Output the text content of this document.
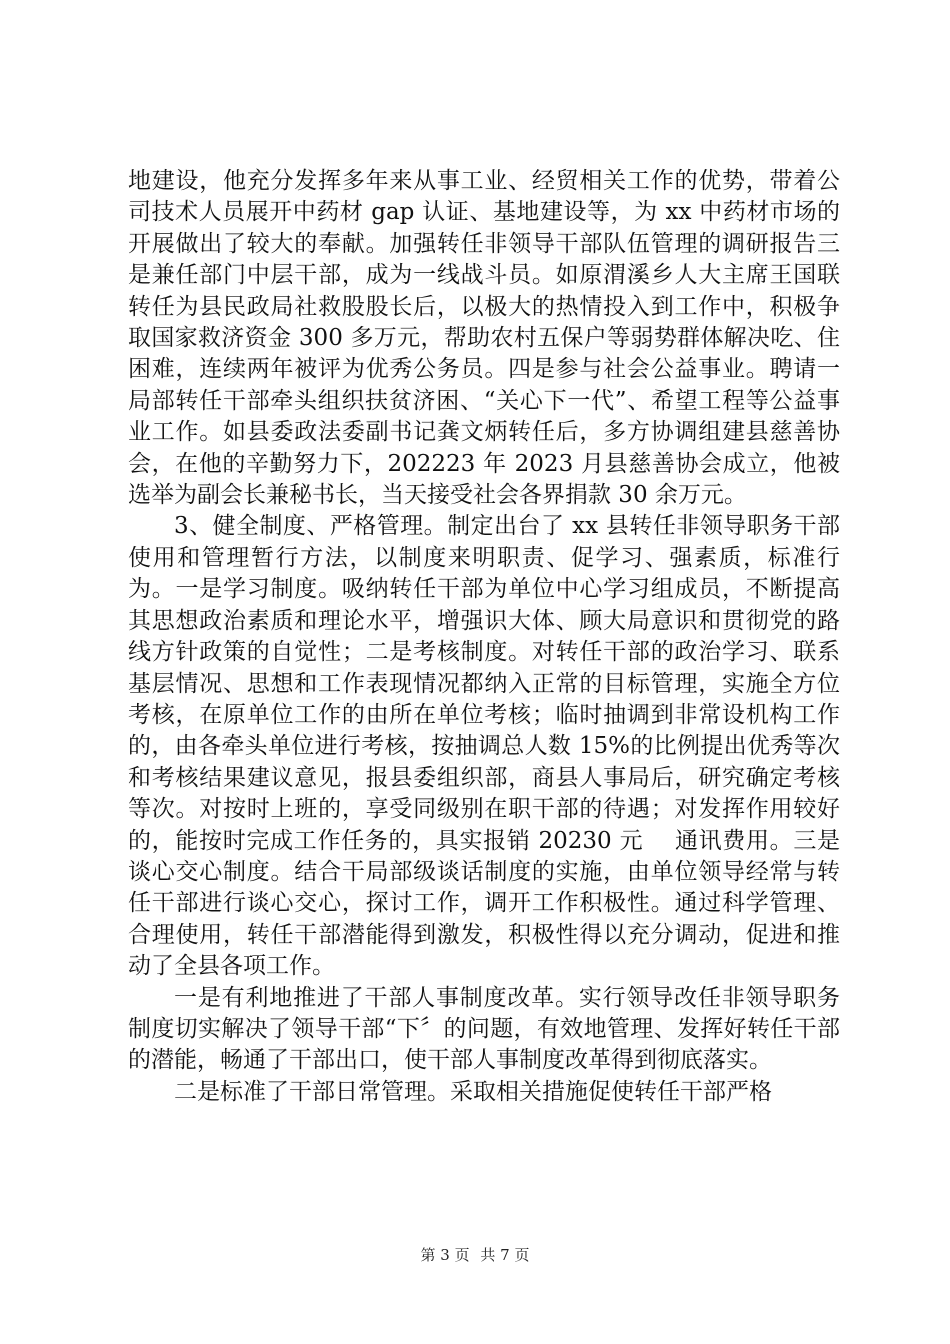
地建设，他充分发挥多年来从事工业、经贸相关工作的优势，带着公司技术人员展开中药材 gap 认证、基地建设等，为 xx 中药材市场的开展做出了较大的奉献。加强转任非领导干部队伍管理的调研报告三是兼任部门中层干部，成为一线战斗员。如原渭溪乡人大主席王国联转任为县民政局社救股股长后，以极大的热情投入到工作中，积极争取国家救济资金 300 多万元，帮助农村五保户等弱势群体解决吃、住困难，连续两年被评为优秀公务员。四是参与社会公益事业。聘请一局部转任干部牵头组织扶贫济困、“关心下一代”、希望工程等公益事业工作。如县委政法委副书记龚文炳转任后，多方协调组建县慈善协会，在他的辛勤努力下，202223 年 2023 月县慈善协会成立，他被选举为副会长兼秘书长，当天接受社会各界捐款 30 余万元。

3、健全制度、严格管理。制定出台了 xx 县转任非领导职务干部使用和管理暂行方法，以制度来明职责、促学习、强素质，标准行为。一是学习制度。吸纳转任干部为单位中心学习组成员，不断提高其思想政治素质和理论水平，增强识大体、顾大局意识和贯彻党的路线方针政策的自觉性；二是考核制度。对转任干部的政治学习、联系基层情况、思想和工作表现情况都纳入正常的目标管理，实施全方位考核，在原单位工作的由所在单位考核；临时抽调到非常设机构工作的，由各牵头单位进行考核，按抽调总人数 15%的比例提出优秀等次和考核结果建议意见，报县委组织部，商县人事局后，研究确定考核等次。对按时上班的，享受同级别在职干部的待遇；对发挥作用较好的，能按时完成工作任务的，具实报销 20230 元　 通讯费用。三是谈心交心制度。结合干局部级谈话制度的实施，由单位领导经常与转任干部进行谈心交心，探讨工作，调开工作积极性。通过科学管理、合理使用，转任干部潜能得到激发，积极性得以充分调动，促进和推动了全县各项工作。

一是有利地推进了干部人事制度改革。实行领导改任非领导职务制度切实解决了领导干部“下〞的问题，有效地管理、发挥好转任干部的潜能，畅通了干部出口，使干部人事制度改革得到彻底落实。

二是标准了干部日常管理。采取相关措施促使转任干部严格

第 3 页 共 7 页
